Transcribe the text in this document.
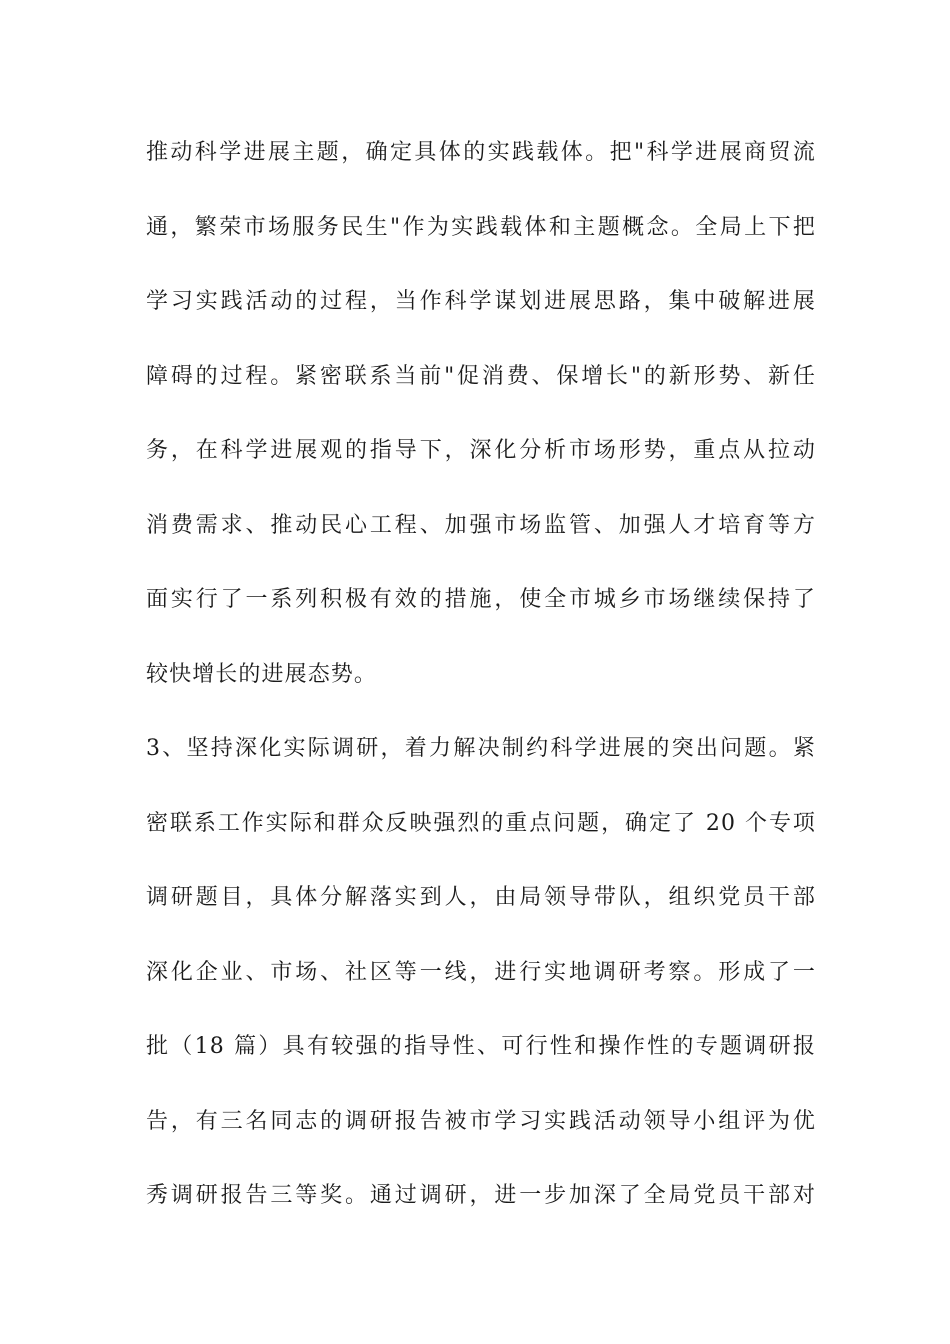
推动科学进展主题，确定具体的实践载体。把"科学进展商贸流
通，繁荣市场服务民生"作为实践载体和主题概念。全局上下把
学习实践活动的过程，当作科学谋划进展思路，集中破解进展
障碍的过程。紧密联系当前"促消费、保增长"的新形势、新任
务，在科学进展观的指导下，深化分析市场形势，重点从拉动
消费需求、推动民心工程、加强市场监管、加强人才培育等方
面实行了一系列积极有效的措施，使全市城乡市场继续保持了
较快增长的进展态势。
3、坚持深化实际调研，着力解决制约科学进展的突出问题。紧
密联系工作实际和群众反映强烈的重点问题，确定了 20 个专项
调研题目，具体分解落实到人，由局领导带队，组织党员干部
深化企业、市场、社区等一线，进行实地调研考察。形成了一
批（18 篇）具有较强的指导性、可行性和操作性的专题调研报
告，有三名同志的调研报告被市学习实践活动领导小组评为优
秀调研报告三等奖。通过调研，进一步加深了全局党员干部对
